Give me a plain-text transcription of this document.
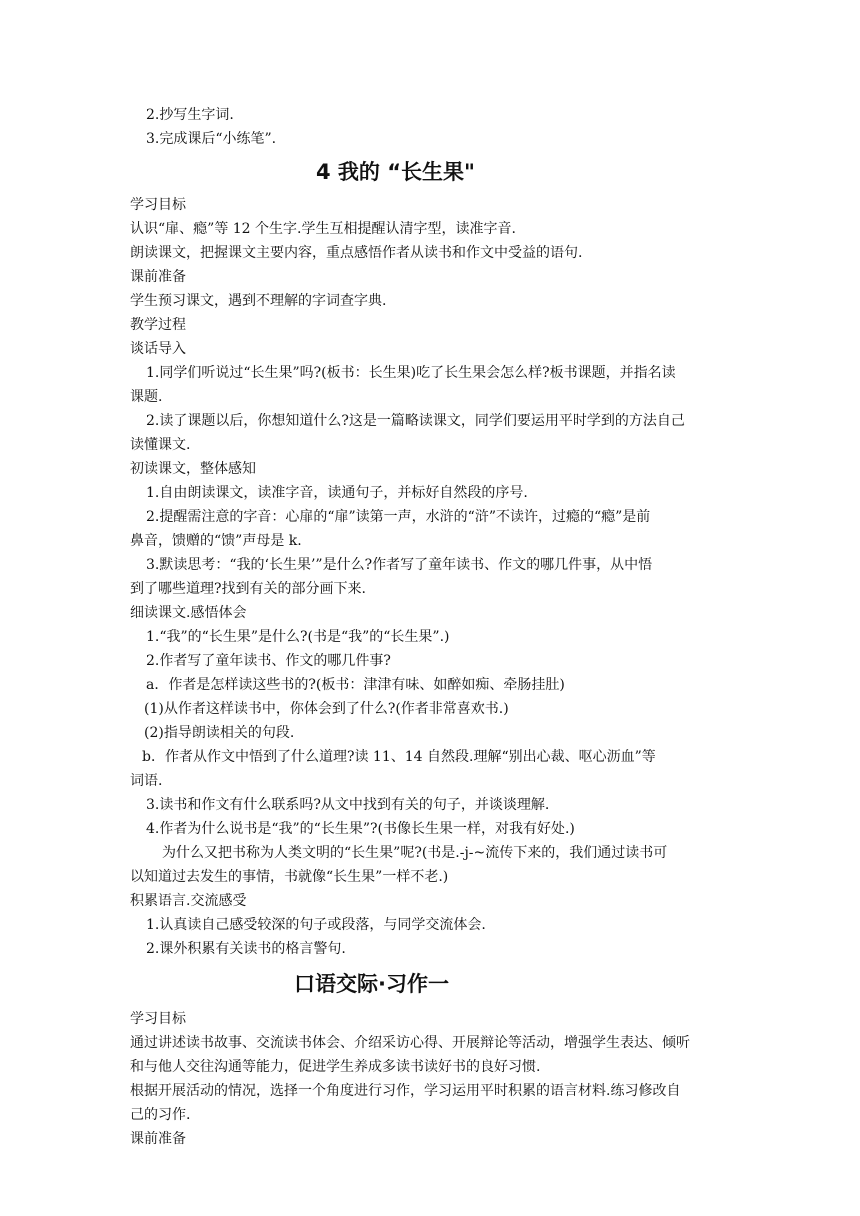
2.抄写生字词.
3.完成课后“小练笔”.
4 我的 “长生果"
学习目标
认识“扉、瘾”等 12 个生字.学生互相提醒认清字型，读准字音.
朗读课文，把握课文主要内容，重点感悟作者从读书和作文中受益的语句.
课前准备
学生预习课文，遇到不理解的字词查字典.
教学过程
谈话导入
1.同学们听说过“长生果”吗?(板书：长生果)吃了长生果会怎么样?板书课题，并指名读
课题.
2.读了课题以后，你想知道什么?这是一篇略读课文，同学们要运用平时学到的方法自己
读懂课文.
初读课文，整体感知
1.自由朗读课文，读准字音，读通句子，并标好自然段的序号.
2.提醒需注意的字音：心扉的“扉”读第一声，水浒的“浒”不读许，过瘾的“瘾”是前
鼻音，馈赠的“馈”声母是 k.
3.默读思考：“我的‘长生果’”是什么?作者写了童年读书、作文的哪几件事，从中悟
到了哪些道理?找到有关的部分画下来.
细读课文.感悟体会
1.“我”的“长生果”是什么?(书是“我”的“长生果”.)
2.作者写了童年读书、作文的哪几件事?
a．作者是怎样读这些书的?(板书：津津有味、如醉如痴、牵肠挂肚)
(1)从作者这样读书中，你体会到了什么?(作者非常喜欢书.)
(2)指导朗读相关的句段.
b．作者从作文中悟到了什么道理?读 11、14 自然段.理解“别出心裁、呕心沥血”等
词语.
3.读书和作文有什么联系吗?从文中找到有关的句子，并谈谈理解.
4.作者为什么说书是“我”的“长生果”?(书像长生果一样，对我有好处.)
为什么又把书称为人类文明的“长生果”呢?(书是.-j-~流传下来的，我们通过读书可
以知道过去发生的事情，书就像“长生果”一样不老.)
积累语言.交流感受
1.认真读自己感受较深的句子或段落，与同学交流体会.
2.课外积累有关读书的格言警句.
口语交际·习作一
学习目标
通过讲述读书故事、交流读书体会、介绍采访心得、开展辩论等活动，增强学生表达、倾听
和与他人交往沟通等能力，促进学生养成多读书读好书的良好习惯.
根据开展活动的情况，选择一个角度进行习作，学习运用平时积累的语言材料.练习修改自
己的习作.
课前准备
